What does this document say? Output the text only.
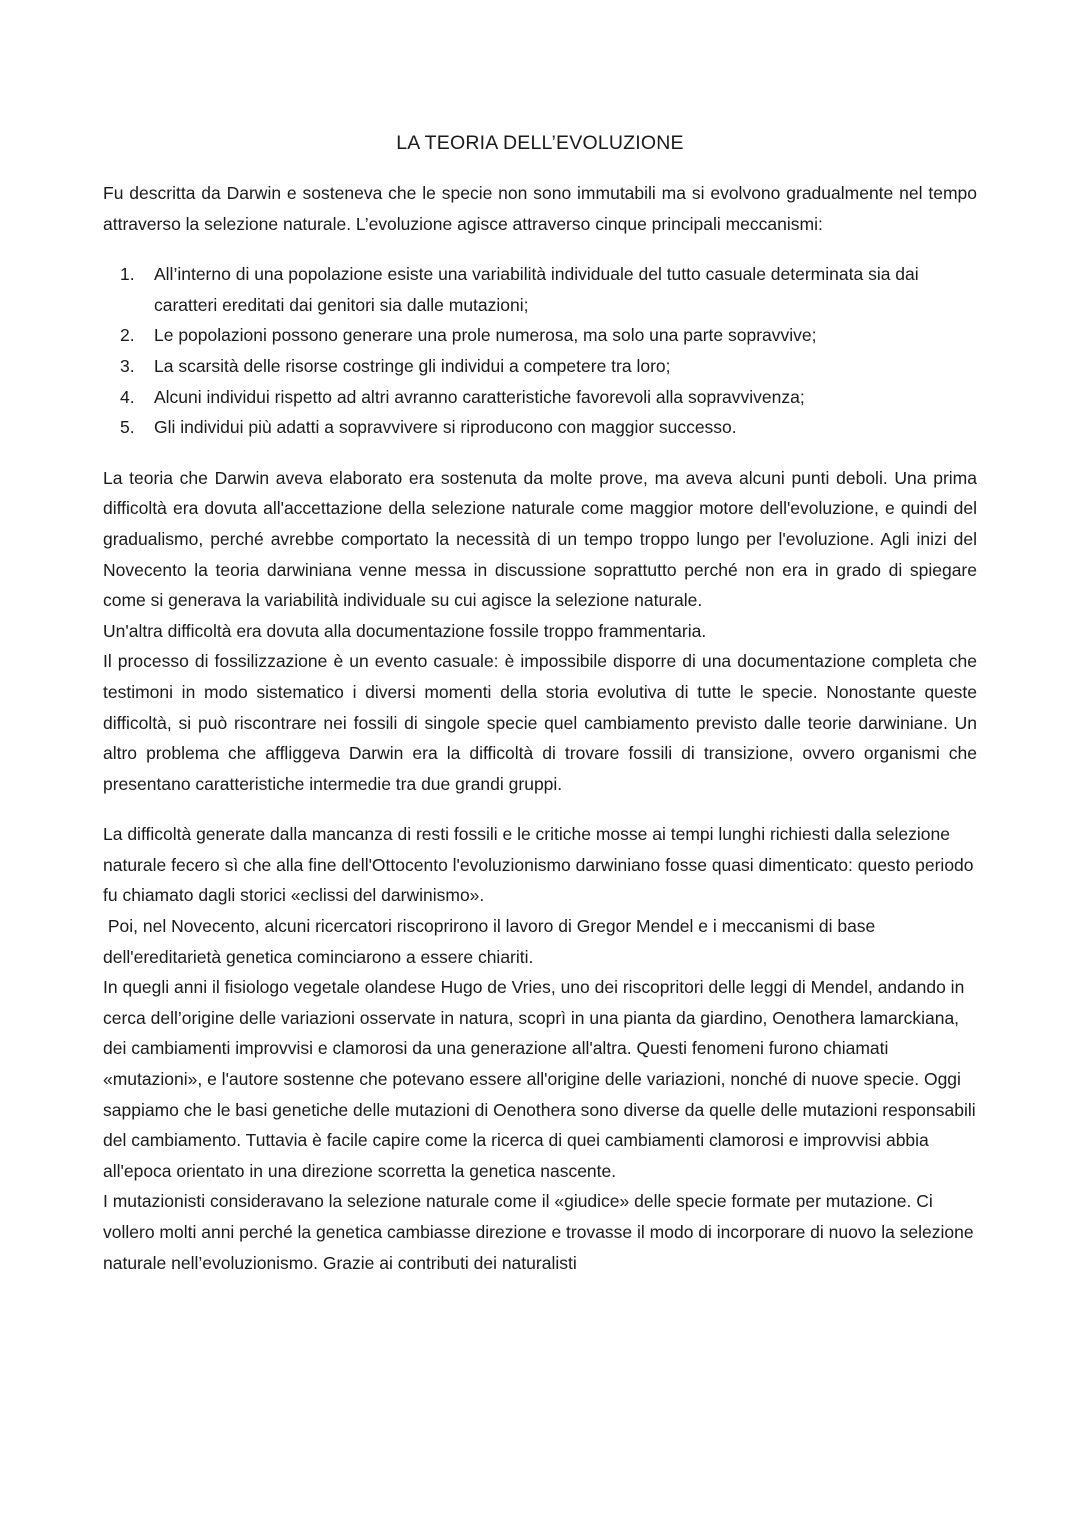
LA TEORIA DELL’EVOLUZIONE

Fu descritta da Darwin e sosteneva che le specie non sono immutabili ma si evolvono gradualmente nel tempo attraverso la selezione naturale. L’evoluzione agisce attraverso cinque principali meccanismi:

1.	All’interno di una popolazione esiste una variabilità individuale del tutto casuale determinata sia dai caratteri ereditati dai genitori sia dalle mutazioni;
2.	Le popolazioni possono generare una prole numerosa, ma solo una parte sopravvive;
3.	La scarsità delle risorse costringe gli individui a competere tra loro;
4.	Alcuni individui rispetto ad altri avranno caratteristiche favorevoli alla sopravvivenza;
5.	Gli individui più adatti a sopravvivere si riproducono con maggior successo.

La teoria che Darwin aveva elaborato era sostenuta da molte prove, ma aveva alcuni punti deboli. Una prima difficoltà era dovuta all'accettazione della selezione naturale come maggior motore dell'evoluzione, e quindi del gradualismo, perché avrebbe comportato la necessità di un tempo troppo lungo per l'evoluzione. Agli inizi del Novecento la teoria darwiniana venne messa in discussione soprattutto perché non era in grado di spiegare come si generava la variabilità individuale su cui agisce la selezione naturale.

Un'altra difficoltà era dovuta alla documentazione fossile troppo frammentaria.

Il processo di fossilizzazione è un evento casuale: è impossibile disporre di una documentazione completa che testimoni in modo sistematico i diversi momenti della storia evolutiva di tutte le specie. Nonostante queste difficoltà, si può riscontrare nei fossili di singole specie quel cambiamento previsto dalle teorie darwiniane. Un altro problema che affliggeva Darwin era la difficoltà di trovare fossili di transizione, ovvero organismi che presentano caratteristiche intermedie tra due grandi gruppi.

La difficoltà generate dalla mancanza di resti fossili e le critiche mosse ai tempi lunghi richiesti dalla selezione naturale fecero sì che alla fine dell'Ottocento l'evoluzionismo darwiniano fosse quasi dimenticato: questo periodo fu chiamato dagli storici «eclissi del darwinismo».

Poi, nel Novecento, alcuni ricercatori riscoprirono il lavoro di Gregor Mendel e i meccanismi di base dell'ereditarietà genetica cominciarono a essere chiariti.

In quegli anni il fisiologo vegetale olandese Hugo de Vries, uno dei riscopritori delle leggi di Mendel, andando in cerca dell’origine delle variazioni osservate in natura, scoprì in una pianta da giardino, Oenothera lamarckiana, dei cambiamenti improvvisi e clamorosi da una generazione all'altra. Questi fenomeni furono chiamati «mutazioni», e l'autore sostenne che potevano essere all'origine delle variazioni, nonché di nuove specie. Oggi sappiamo che le basi genetiche delle mutazioni di Oenothera sono diverse da quelle delle mutazioni responsabili del cambiamento. Tuttavia è facile capire come la ricerca di quei cambiamenti clamorosi e improvvisi abbia all'epoca orientato in una direzione scorretta la genetica nascente.

I mutazionisti consideravano la selezione naturale come il «giudice» delle specie formate per mutazione. Ci vollero molti anni perché la genetica cambiasse direzione e trovasse il modo di incorporare di nuovo la selezione naturale nell’evoluzionismo. Grazie ai contributi dei naturalisti
